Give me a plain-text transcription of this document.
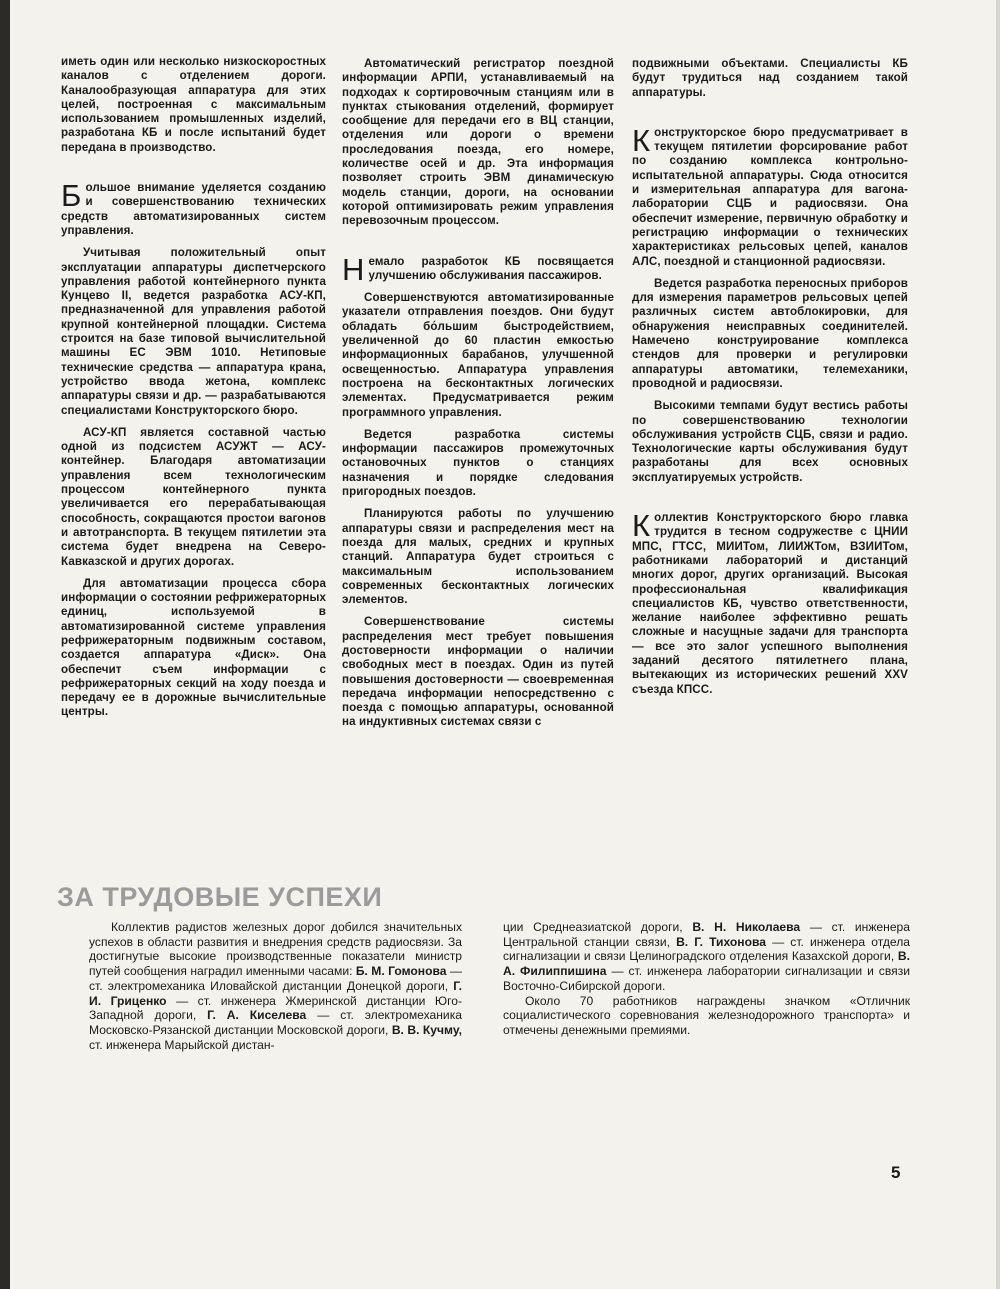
иметь один или несколько низкоскоростных каналов с отделением дороги. Каналообразующая аппаратура для этих целей, построенная с максимальным использованием промышленных изделий, разработана КБ и после испытаний будет передана в производство.

Большое внимание уделяется созданию и совершенствованию технических средств автоматизированных систем управления.

Учитывая положительный опыт эксплуатации аппаратуры диспетчерского управления работой контейнерного пункта Кунцево II, ведется разработка АСУ-КП, предназначенной для управления работой крупной контейнерной площадки. Система строится на базе типовой вычислительной машины ЕС ЭВМ 1010. Нетиповые технические средства — аппаратура крана, устройство ввода жетона, комплекс аппаратуры связи и др. — разрабатываются специалистами Конструкторского бюро.

АСУ-КП является составной частью одной из подсистем АСУЖТ — АСУ-контейнер. Благодаря автоматизации управления всем технологическим процессом контейнерного пункта увеличивается его перерабатывающая способность, сокращаются простои вагонов и автотранспорта. В текущем пятилетии эта система будет внедрена на Северо-Кавказской и других дорогах.

Для автоматизации процесса сбора информации о состоянии рефрижераторных единиц, используемой в автоматизированной системе управления рефрижераторным подвижным составом, создается аппаратура «Диск». Она обеспечит съем информации с рефрижераторных секций на ходу поезда и передачу ее в дорожные вычислительные центры.

Автоматический регистратор поездной информации АРПИ, устанавливаемый на подходах к сортировочным станциям или в пунктах стыкования отделений, формирует сообщение для передачи его в ВЦ станции, отделения или дороги о времени проследования поезда, его номере, количестве осей и др. Эта информация позволяет строить ЭВМ динамическую модель станции, дороги, на основании которой оптимизировать режим управления перевозочным процессом.

Немало разработок КБ посвящается улучшению обслуживания пассажиров.

Совершенствуются автоматизированные указатели отправления поездов. Они будут обладать бо́льшим быстродействием, увеличенной до 60 пластин емкостью информационных барабанов, улучшенной освещенностью. Аппаратура управления построена на бесконтактных логических элементах. Предусматривается режим программного управления.

Ведется разработка системы информации пассажиров промежуточных остановочных пунктов о станциях назначения и порядке следования пригородных поездов.

Планируются работы по улучшению аппаратуры связи и распределения мест на поезда для малых, средних и крупных станций. Аппаратура будет строиться с максимальным использованием современных бесконтактных логических элементов.

Совершенствование системы распределения мест требует повышения достоверности информации о наличии свободных мест в поездах. Один из путей повышения достоверности — своевременная передача информации непосредственно с поезда с помощью аппаратуры, основанной на индуктивных системах связи с

подвижными объектами. Специалисты КБ будут трудиться над созданием такой аппаратуры.

Конструкторское бюро предусматривает в текущем пятилетии форсирование работ по созданию комплекса контрольно-испытательной аппаратуры. Сюда относится и измерительная аппаратура для вагона-лаборатории СЦБ и радиосвязи. Она обеспечит измерение, первичную обработку и регистрацию информации о технических характеристиках рельсовых цепей, каналов АЛС, поездной и станционной радиосвязи.

Ведется разработка переносных приборов для измерения параметров рельсовых цепей различных систем автоблокировки, для обнаружения неисправных соединителей. Намечено конструирование комплекса стендов для проверки и регулировки аппаратуры автоматики, телемеханики, проводной и радиосвязи.

Высокими темпами будут вестись работы по совершенствованию технологии обслуживания устройств СЦБ, связи и радио. Технологические карты обслуживания будут разработаны для всех основных эксплуатируемых устройств.

Коллектив Конструкторского бюро главка трудится в тесном содружестве с ЦНИИ МПС, ГТСС, МИИТом, ЛИИЖТом, ВЗИИТом, работниками лабораторий и дистанций многих дорог, других организаций. Высокая профессиональная квалификация специалистов КБ, чувство ответственности, желание наиболее эффективно решать сложные и насущные задачи для транспорта — все это залог успешного выполнения заданий десятого пятилетнего плана, вытекающих из исторических решений XXV съезда КПСС.

ЗА ТРУДОВЫЕ УСПЕХИ

Коллектив радистов железных дорог добился значительных успехов в области развития и внедрения средств радиосвязи. За достигнутые высокие производственные показатели министр путей сообщения наградил именными часами: Б. М. Гомонова — ст. электромеханика Иловайской дистанции Донецкой дороги, Г. И. Гриценко — ст. инженера Жмеринской дистанции Юго-Западной дороги, Г. А. Киселева — ст. электромеханика Московско-Рязанской дистанции Московской дороги, В. В. Кучму, ст. инженера Марыйской дистан-

ции Среднеазиатской дороги, В. Н. Николаева — ст. инженера Центральной станции связи, В. Г. Тихонова — ст. инженера отдела сигнализации и связи Целиноградского отделения Казахской дороги, В. А. Филиппишина — ст. инженера лаборатории сигнализации и связи Восточно-Сибирской дороги.

Около 70 работников награждены значком «Отличник социалистического соревнования железнодорожного транспорта» и отмечены денежными премиями.

5
